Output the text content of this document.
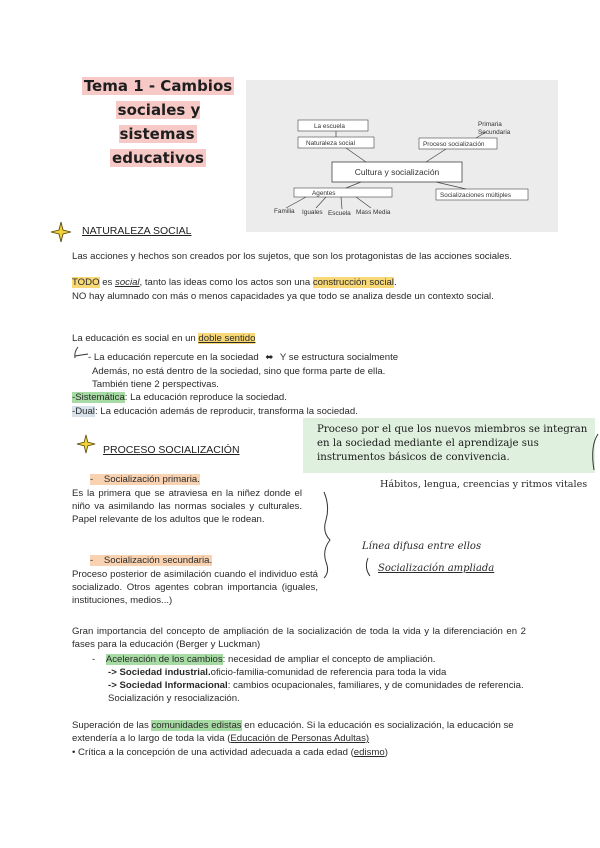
Tema 1 - Cambios
sociales y sistemas
educativos
Cultura y socialización
La escuela
Naturaleza social	Proceso socialización
Primaria
Secundaria
Agentes	Socializaciones múltiples
Familia Iguales Escuela Mass Media
NATURALEZA SOCIAL
Las acciones y hechos son creados por los sujetos, que son los protagonistas de las acciones sociales.
TODO es social, tanto las ideas como los actos son una construcción social.
NO hay alumnado con más o menos capacidades ya que todo se analiza desde un contexto social.
La educación es social en un doble sentido
- La educación repercute en la sociedad ⬌ Y se estructura socialmente
Además, no está dentro de la sociedad, sino que forma parte de ella.
También tiene 2 perspectivas.
-Sistemática: La educación reproduce la sociedad.
-Dual: La educación además de reproducir, transforma la sociedad.
PROCESO SOCIALIZACIÓN
Proceso por el que los nuevos miembros se integran en la sociedad mediante el aprendizaje sus instrumentos básicos de convivencia.
Hábitos, lengua, creencias y ritmos vitales
-    Socialización primaria.
Es la primera que se atraviesa en la niñez donde el niño va asimilando las normas sociales y culturales. Papel relevante de los adultos que le rodean.
Línea difusa entre ellos
Socialización ampliada
-    Socialización secundaria.
Proceso posterior de asimilación cuando el individuo está socializado. Otros agentes cobran importancia (iguales, instituciones, medios...)
Gran importancia del concepto de ampliación de la socialización de toda la vida y la diferenciación en 2 fases para la educación (Berger y Luckman)
-    Aceleración de los cambios: necesidad de ampliar el concepto de ampliación.
-> Sociedad industrial.oficio-familia-comunidad de referencia para toda la vida
-> Sociedad Informacional: cambios ocupacionales, familiares, y de comunidades de referencia. Socialización y resocialización.
Superación de las comunidades edistas en educación. Si la educación es socialización, la educación se extendería a lo largo de toda la vida (Educación de Personas Adultas)
• Crítica a la concepción de una actividad adecuada a cada edad (edismo)
